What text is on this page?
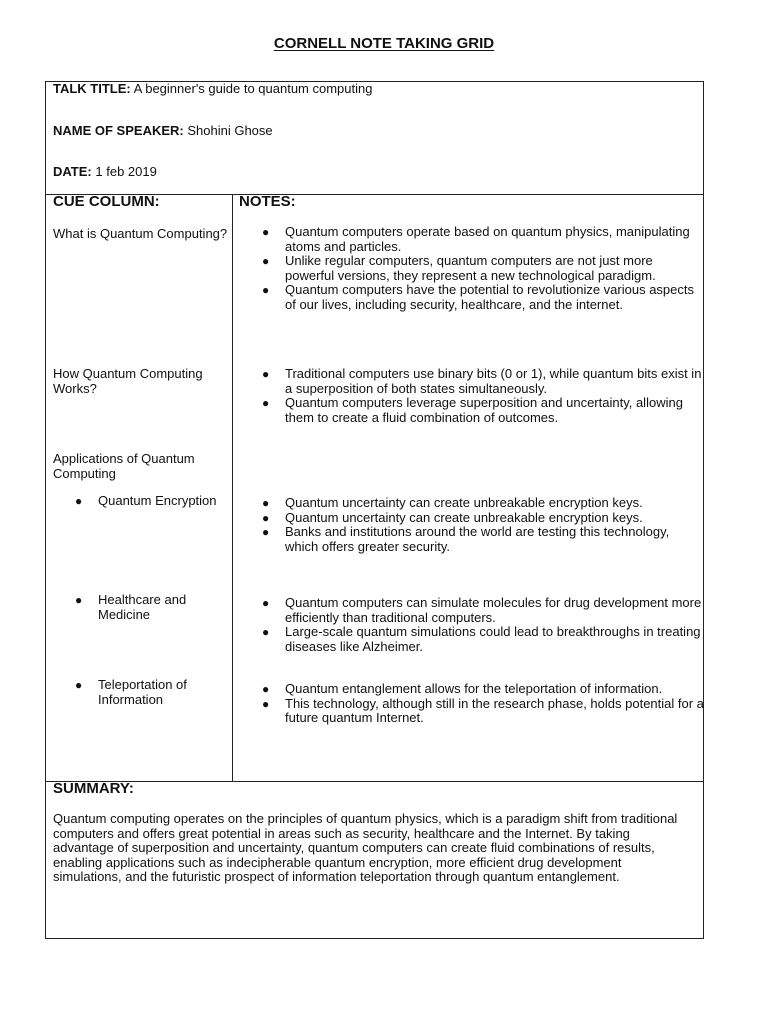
CORNELL NOTE TAKING GRID
TALK TITLE: A beginner's guide to quantum computing
NAME OF SPEAKER: Shohini Ghose
DATE: 1 feb 2019
CUE COLUMN:	NOTES:
What is Quantum Computing?
How Quantum Computing Works?
Applications of Quantum Computing
● Quantum Encryption
● Healthcare and Medicine
● Teleportation of Information

● Quantum computers operate based on quantum physics, manipulating atoms and particles.

● Unlike regular computers, quantum computers are not just more powerful versions, they represent a new technological paradigm.

● Quantum computers have the potential to revolutionize various aspects of our lives, including security, healthcare, and the internet.

● Traditional computers use binary bits (0 or 1), while quantum bits exist in a superposition of both states simultaneously.

● Quantum computers leverage superposition and uncertainty, allowing them to create a fluid combination of outcomes.

● Quantum uncertainty can create unbreakable encryption keys.

● Quantum uncertainty can create unbreakable encryption keys.

● Banks and institutions around the world are testing this technology, which offers greater security.

● Quantum computers can simulate molecules for drug development more efficiently than traditional computers.

● Large-scale quantum simulations could lead to breakthroughs in treating diseases like Alzheimer.

● Quantum entanglement allows for the teleportation of information.

● This technology, although still in the research phase, holds potential for a future quantum Internet.

SUMMARY:
Quantum computing operates on the principles of quantum physics, which is a paradigm shift from traditional computers and offers great potential in areas such as security, healthcare and the Internet. By taking advantage of superposition and uncertainty, quantum computers can create fluid combinations of results, enabling applications such as indecipherable quantum encryption, more efficient drug development simulations, and the futuristic prospect of information teleportation through quantum entanglement.
